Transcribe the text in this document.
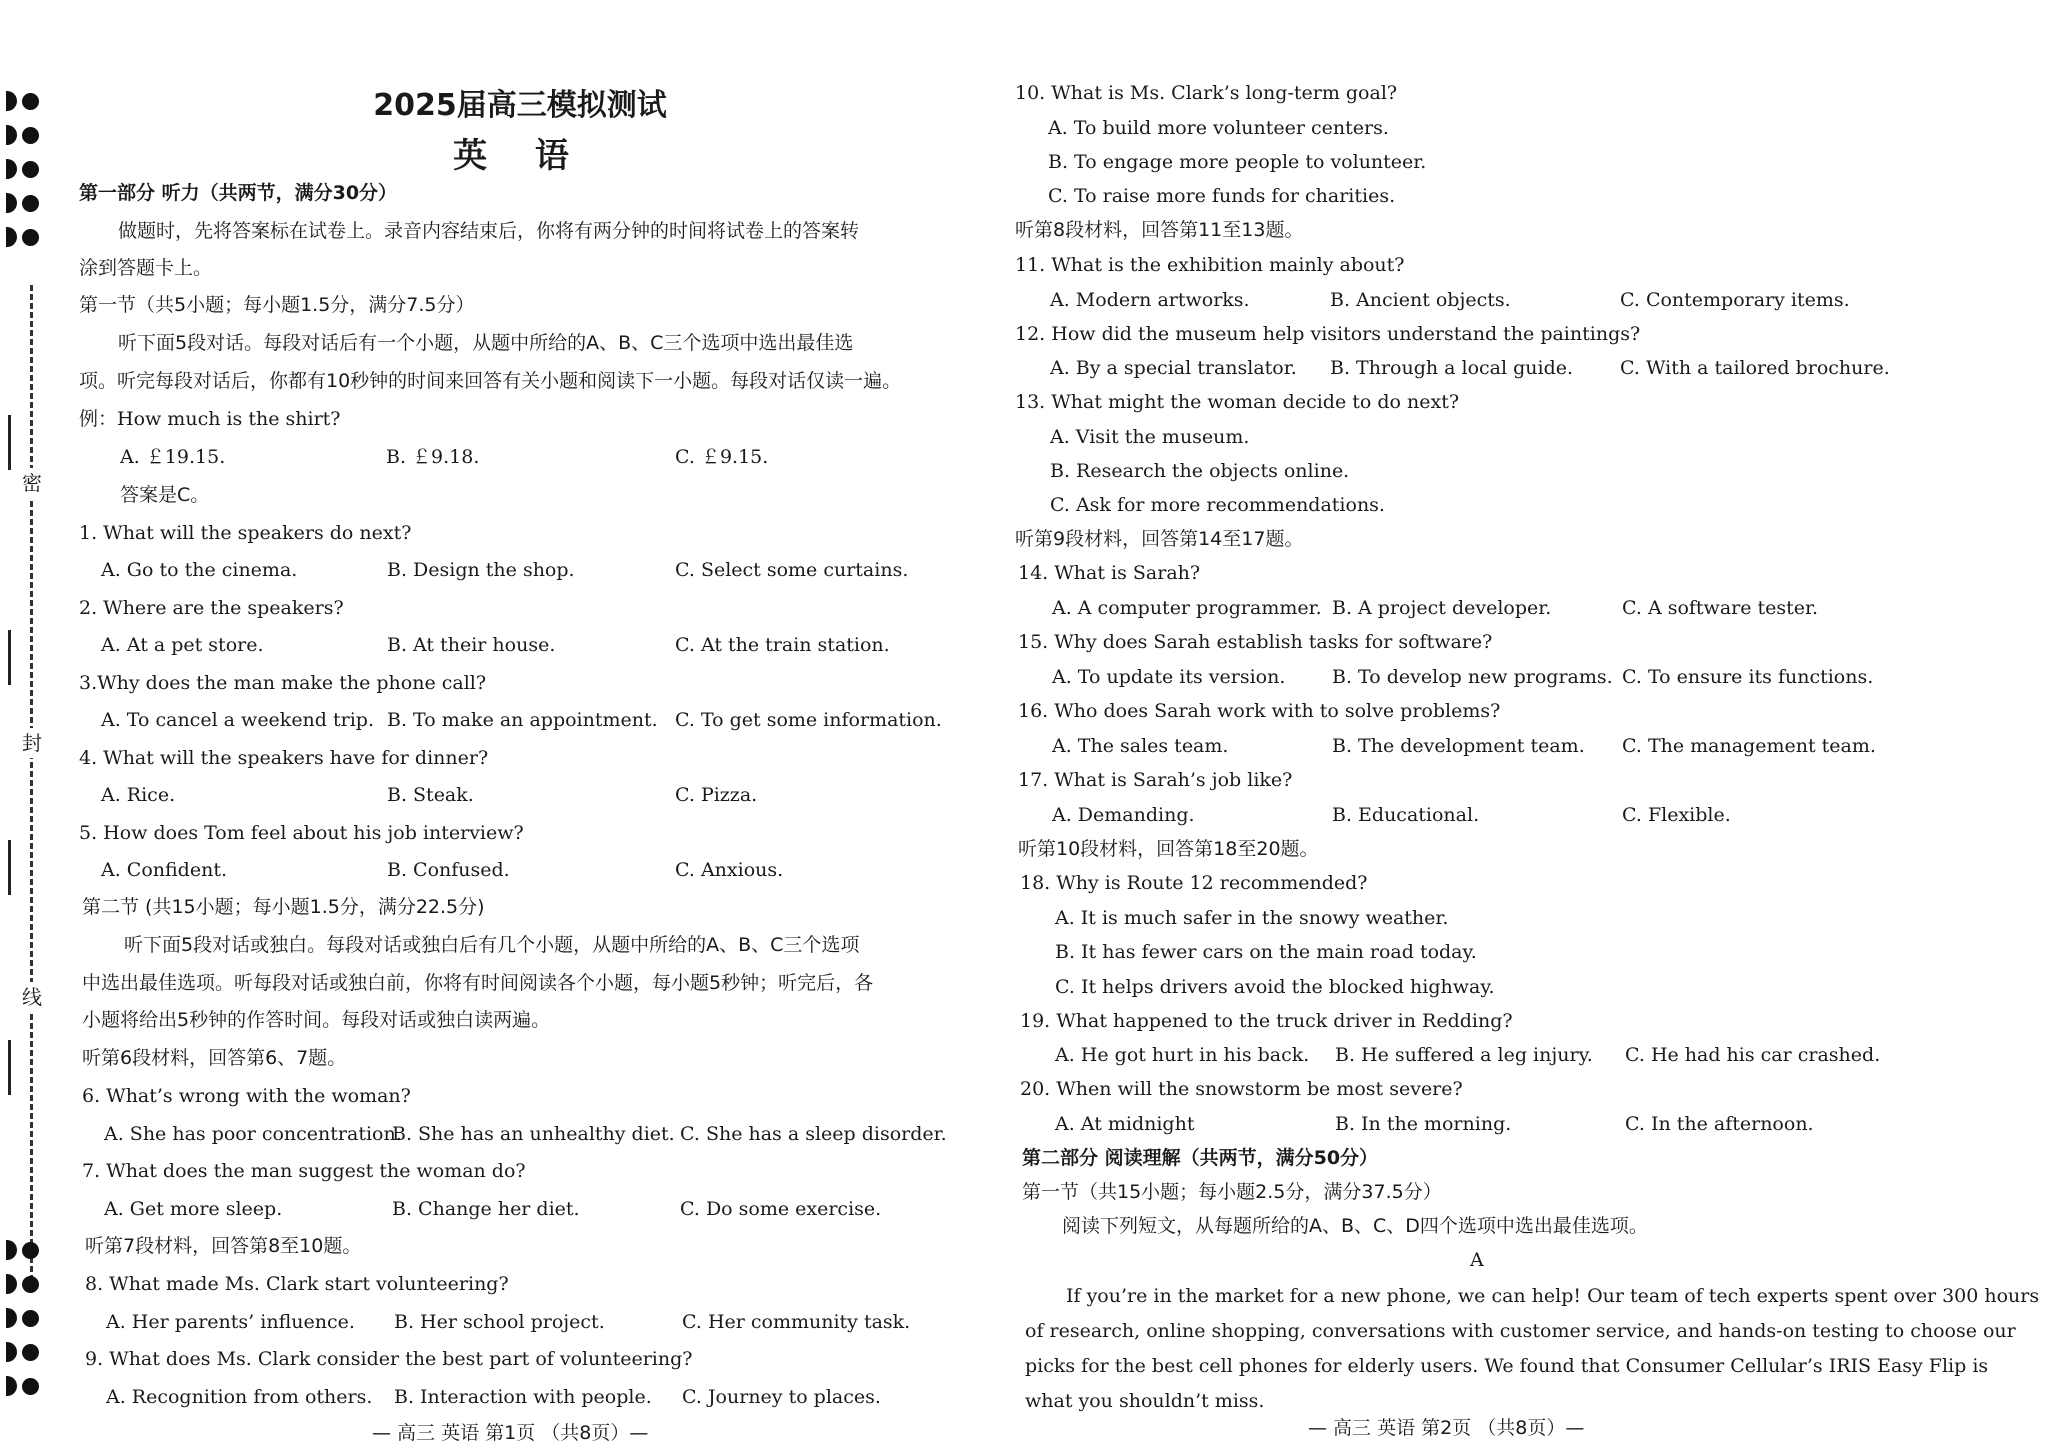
密
封
线
2025届高三模拟测试
英 语
第一部分 听力（共两节，满分30分）
做题时，先将答案标在试卷上。录音内容结束后，你将有两分钟的时间将试卷上的答案转
涂到答题卡上。
第一节（共5小题；每小题1.5分，满分7.5分）
听下面5段对话。每段对话后有一个小题，从题中所给的A、B、C三个选项中选出最佳选
项。听完每段对话后，你都有10秒钟的时间来回答有关小题和阅读下一小题。每段对话仅读一遍。
例：How much is the shirt?
A. ￡19.15.	B. ￡9.18.	C. ￡9.15.
答案是C。
1. What will the speakers do next?
A. Go to the cinema.	B. Design the shop.	C. Select some curtains.
2. Where are the speakers?
A. At a pet store.	B. At their house.	C. At the train station.
3.Why does the man make the phone call?
A. To cancel a weekend trip. B. To make an appointment. C. To get some information.
4. What will the speakers have for dinner?
A. Rice.	B. Steak.	C. Pizza.
5. How does Tom feel about his job interview?
A. Confident.	B. Confused.	C. Anxious.
第二节 (共15小题；每小题1.5分，满分22.5分)
听下面5段对话或独白。每段对话或独白后有几个小题，从题中所给的A、B、C三个选项
中选出最佳选项。听每段对话或独白前，你将有时间阅读各个小题，每小题5秒钟；听完后，各
小题将给出5秒钟的作答时间。每段对话或独白读两遍。
听第6段材料，回答第6、7题。
6. What’s wrong with the woman?
A. She has poor concentration.
B. She has an unhealthy diet. C. She has a sleep disorder.
7. What does the man suggest the woman do?
A. Get more sleep.	B. Change her diet.	C. Do some exercise.
听第7段材料，回答第8至10题。
8. What made Ms. Clark start volunteering?
A. Her parents’ influence. B. Her school project.	C. Her community task.
9. What does Ms. Clark consider the best part of volunteering?
A. Recognition from others. B. Interaction with people. C. Journey to places.
— 高三 英语 第1页 （共8页）—
10. What is Ms. Clark’s long-term goal?
A. To build more volunteer centers.
B. To engage more people to volunteer.
C. To raise more funds for charities.
听第8段材料，回答第11至13题。
11. What is the exhibition mainly about?
A. Modern artworks.	B. Ancient objects.	C. Contemporary items.
12. How did the museum help visitors understand the paintings?
A. By a special translator. B. Through a local guide. C. With a tailored brochure.
13. What might the woman decide to do next?
A. Visit the museum.
B. Research the objects online.
C. Ask for more recommendations.
听第9段材料，回答第14至17题。
14. What is Sarah?
A. A computer programmer. B. A project developer.	C. A software tester.
15. Why does Sarah establish tasks for software?
A. To update its version. B. To develop new programs. C. To ensure its functions.
16. Who does Sarah work with to solve problems?
A. The sales team.	B. The development team. C. The management team.
17. What is Sarah’s job like?
A. Demanding.	B. Educational.	C. Flexible.
听第10段材料，回答第18至20题。
18. Why is Route 12 recommended?
A. It is much safer in the snowy weather.
B. It has fewer cars on the main road today.
C. It helps drivers avoid the blocked highway.
19. What happened to the truck driver in Redding?
A. He got hurt in his back. B. He suffered a leg injury. C. He had his car crashed.
20. When will the snowstorm be most severe?
A. At midnight	B. In the morning.	C. In the afternoon.
第二部分 阅读理解（共两节，满分50分）
第一节（共15小题；每小题2.5分，满分37.5分）
阅读下列短文，从每题所给的A、B、C、D四个选项中选出最佳选项。
A
If you’re in the market for a new phone, we can help! Our team of tech experts spent over 300 hours
of research, online shopping, conversations with customer service, and hands-on testing to choose our
picks for the best cell phones for elderly users. We found that Consumer Cellular’s IRIS Easy Flip is
what you shouldn’t miss.
— 高三 英语 第2页 （共8页）—
